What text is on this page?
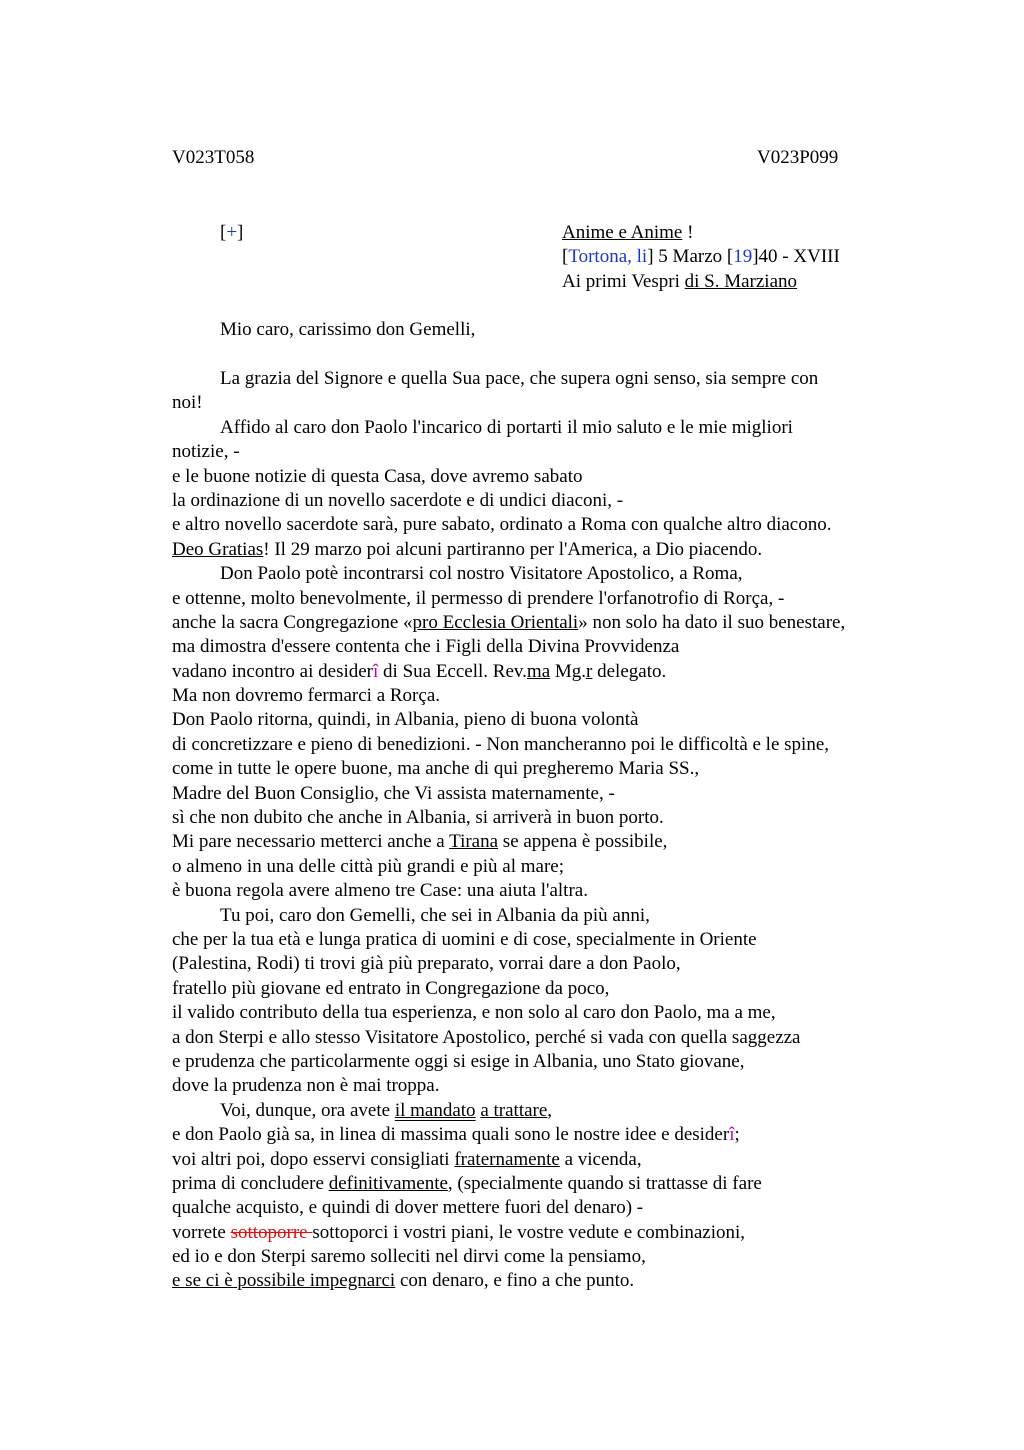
V023T058	V023P099
[+]	Anime e Anime !
[Tortona, li] 5 Marzo [19]40 - XVIII
Ai primi Vespri di S. Marziano
Mio caro, carissimo don Gemelli,
La grazia del Signore e quella Sua pace, che supera ogni senso, sia sempre con
noi!
Affido al caro don Paolo l'incarico di portarti il mio saluto e le mie migliori
notizie, -
e le buone notizie di questa Casa, dove avremo sabato
la ordinazione di un novello sacerdote e di undici diaconi, -
e altro novello sacerdote sarà, pure sabato, ordinato a Roma con qualche altro diacono.
Deo Gratias! Il 29 marzo poi alcuni partiranno per l'America, a Dio piacendo.
Don Paolo potè incontrarsi col nostro Visitatore Apostolico, a Roma,
e ottenne, molto benevolmente, il permesso di prendere l'orfanotrofio di Rorça, -
anche la sacra Congregazione «pro Ecclesia Orientali» non solo ha dato il suo benestare,
ma dimostra d'essere contenta che i Figli della Divina Provvidenza
vadano incontro ai desiderî di Sua Eccell. Rev.ma Mg.r delegato.
Ma non dovremo fermarci a Rorça.
Don Paolo ritorna, quindi, in Albania, pieno di buona volontà
di concretizzare e pieno di benedizioni. - Non mancheranno poi le difficoltà e le spine,
come in tutte le opere buone, ma anche di qui pregheremo Maria SS.,
Madre del Buon Consiglio, che Vi assista maternamente, -
sì che non dubito che anche in Albania, si arriverà in buon porto.
Mi pare necessario metterci anche a Tirana se appena è possibile,
o almeno in una delle città più grandi e più al mare;
è buona regola avere almeno tre Case: una aiuta l'altra.
Tu poi, caro don Gemelli, che sei in Albania da più anni,
che per la tua età e lunga pratica di uomini e di cose, specialmente in Oriente
(Palestina, Rodi) ti trovi già più preparato, vorrai dare a don Paolo,
fratello più giovane ed entrato in Congregazione da poco,
il valido contributo della tua esperienza, e non solo al caro don Paolo, ma a me,
a don Sterpi e allo stesso Visitatore Apostolico, perché si vada con quella saggezza
e prudenza che particolarmente oggi si esige in Albania, uno Stato giovane,
dove la prudenza non è mai troppa.
Voi, dunque, ora avete il mandato a trattare,
e don Paolo già sa, in linea di massima quali sono le nostre idee e desiderî;
voi altri poi, dopo esservi consigliati fraternamente a vicenda,
prima di concludere definitivamente, (specialmente quando si trattasse di fare
qualche acquisto, e quindi di dover mettere fuori del denaro) -
vorrete sottoporre sottoporci i vostri piani, le vostre vedute e combinazioni,
ed io e don Sterpi saremo solleciti nel dirvi come la pensiamo,
e se ci è possibile impegnarci con denaro, e fino a che punto.
